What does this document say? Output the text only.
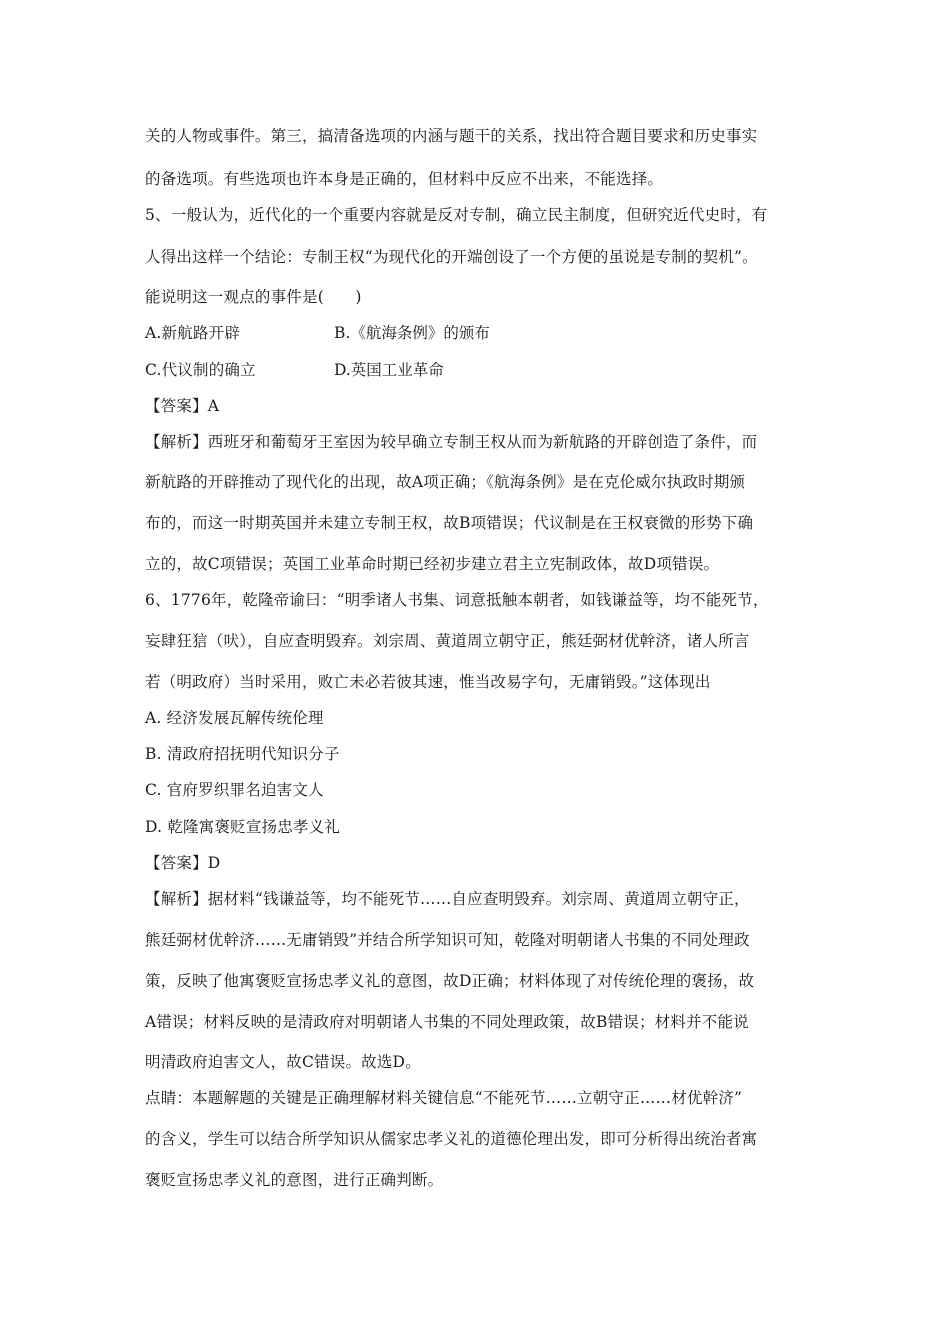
关的人物或事件。第三，搞清备选项的内涵与题干的关系，找出符合题目要求和历史事实
的备选项。有些选项也许本身是正确的，但材料中反应不出来，不能选择。
5、一般认为，近代化的一个重要内容就是反对专制，确立民主制度，但研究近代史时，有
人得出这样一个结论：专制王权“为现代化的开端创设了一个方便的虽说是专制的契机”。
能说明这一观点的事件是(　　)
A.新航路开辟	B.《航海条例》的颁布
C.代议制的确立	D.英国工业革命
【答案】A
【解析】西班牙和葡萄牙王室因为较早确立专制王权从而为新航路的开辟创造了条件，而
新航路的开辟推动了现代化的出现，故A项正确；《航海条例》是在克伦威尔执政时期颁
布的，而这一时期英国并未建立专制王权，故B项错误；代议制是在王权衰微的形势下确
立的，故C项错误；英国工业革命时期已经初步建立君主立宪制政体，故D项错误。
6、1776年，乾隆帝谕曰：“明季诸人书集、词意抵触本朝者，如钱谦益等，均不能死节，
妄肆狂狺（吠），自应查明毁弃。刘宗周、黄道周立朝守正，熊廷弼材优幹济，诸人所言
若（明政府）当时采用，败亡未必若彼其速，惟当改易字句，无庸销毁。”这体现出
A. 经济发展瓦解传统伦理
B. 清政府招抚明代知识分子
C. 官府罗织罪名迫害文人
D. 乾隆寓褒贬宣扬忠孝义礼
【答案】D
【解析】据材料“钱谦益等，均不能死节……自应查明毁弃。刘宗周、黄道周立朝守正，
熊廷弼材优幹济……无庸销毁”并结合所学知识可知，乾隆对明朝诸人书集的不同处理政
策，反映了他寓褒贬宣扬忠孝义礼的意图，故D正确；材料体现了对传统伦理的褒扬，故
A错误；材料反映的是清政府对明朝诸人书集的不同处理政策，故B错误；材料并不能说
明清政府迫害文人，故C错误。故选D。
点睛：本题解题的关键是正确理解材料关键信息“不能死节……立朝守正……材优幹济”
的含义，学生可以结合所学知识从儒家忠孝义礼的道德伦理出发，即可分析得出统治者寓
褒贬宣扬忠孝义礼的意图，进行正确判断。
